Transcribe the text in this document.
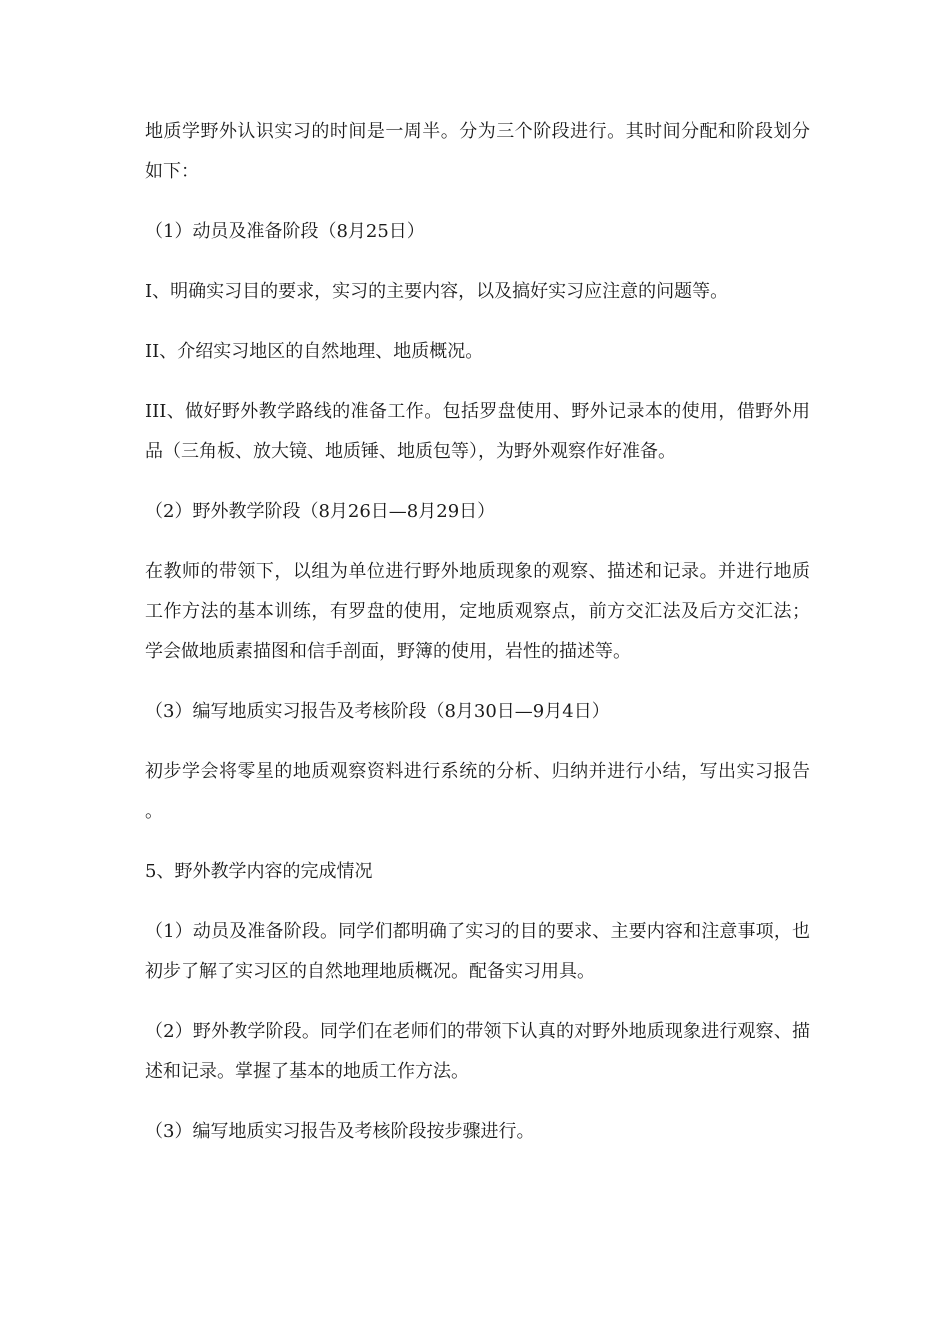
地质学野外认识实习的时间是一周半。分为三个阶段进行。其时间分配和阶段划分如下：

（1）动员及准备阶段（8月25日）

I、明确实习目的要求，实习的主要内容，以及搞好实习应注意的问题等。

II、介绍实习地区的自然地理、地质概况。

III、做好野外教学路线的准备工作。包括罗盘使用、野外记录本的使用，借野外用品（三角板、放大镜、地质锤、地质包等），为野外观察作好准备。

（2）野外教学阶段（8月26日—8月29日）

在教师的带领下，以组为单位进行野外地质现象的观察、描述和记录。并进行地质工作方法的基本训练，有罗盘的使用，定地质观察点，前方交汇法及后方交汇法；学会做地质素描图和信手剖面，野簿的使用，岩性的描述等。

（3）编写地质实习报告及考核阶段（8月30日—9月4日）

初步学会将零星的地质观察资料进行系统的分析、归纳并进行小结，写出实习报告。

5、野外教学内容的完成情况

（1）动员及准备阶段。同学们都明确了实习的目的要求、主要内容和注意事项，也初步了解了实习区的自然地理地质概况。配备实习用具。

（2）野外教学阶段。同学们在老师们的带领下认真的对野外地质现象进行观察、描述和记录。掌握了基本的地质工作方法。

（3）编写地质实习报告及考核阶段按步骤进行。
